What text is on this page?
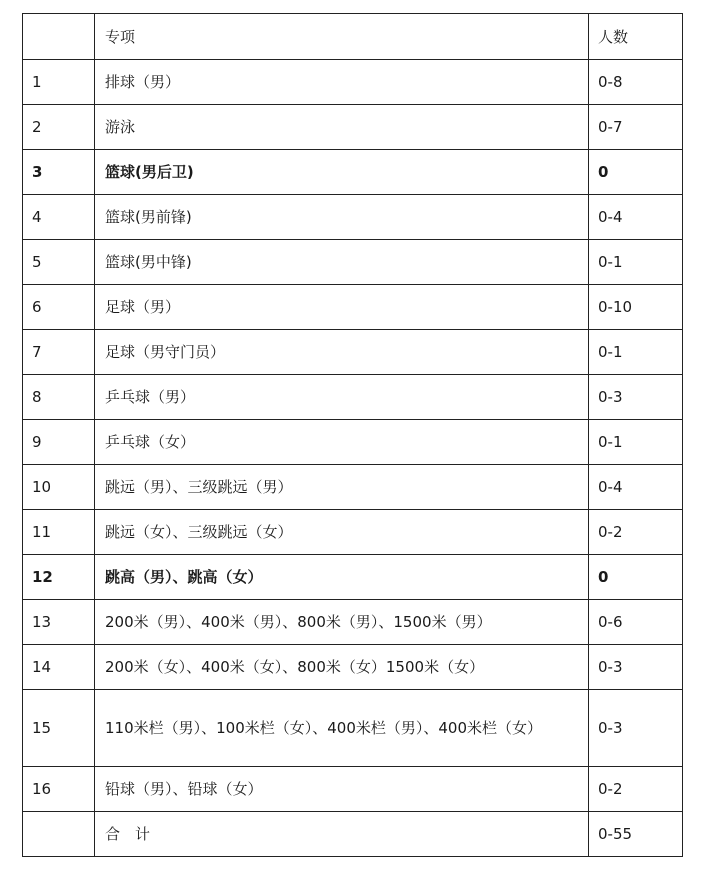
	专项	人数
1	排球（男）	0-8
2	游泳	0-7
3	篮球(男后卫)	0
4	篮球(男前锋)	0-4
5	篮球(男中锋)	0-1
6	足球（男）	0-10
7	足球（男守门员）	0-1
8	乒乓球（男）	0-3
9	乒乓球（女）	0-1
10	跳远（男）、三级跳远（男）	0-4
11	跳远（女）、三级跳远（女）	0-2
12	跳高（男）、跳高（女）	0
13	200米（男）、400米（男）、800米（男）、1500米（男）	0-6
14	200米（女）、400米（女）、800米（女）1500米（女）	0-3
15	110米栏（男）、100米栏（女）、400米栏（男）、400米栏（女）	0-3
16	铅球（男）、铅球（女）	0-2
	合　计	0-55
